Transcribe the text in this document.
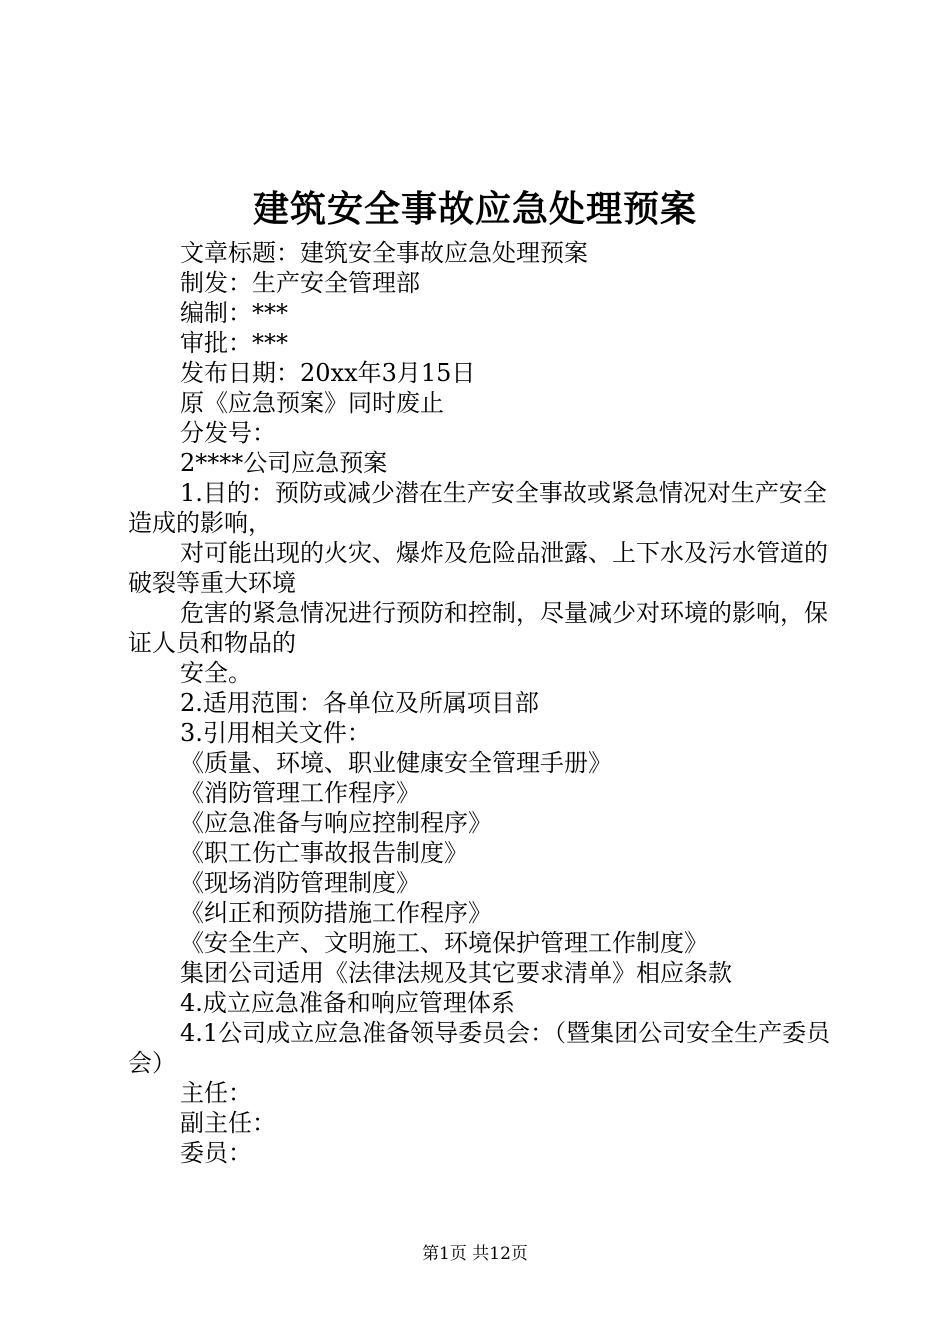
建筑安全事故应急处理预案

文章标题：建筑安全事故应急处理预案

制发：生产安全管理部

编制：***

审批：***

发布日期：20xx年3月15日

原《应急预案》同时废止

分发号：

2****公司应急预案

1.目的：预防或减少潜在生产安全事故或紧急情况对生产安全造成的影响，

对可能出现的火灾、爆炸及危险品泄露、上下水及污水管道的破裂等重大环境

危害的紧急情况进行预防和控制，尽量减少对环境的影响，保证人员和物品的

安全。

2.适用范围：各单位及所属项目部

3.引用相关文件：

《质量、环境、职业健康安全管理手册》

《消防管理工作程序》

《应急准备与响应控制程序》

《职工伤亡事故报告制度》

《现场消防管理制度》

《纠正和预防措施工作程序》

《安全生产、文明施工、环境保护管理工作制度》

集团公司适用《法律法规及其它要求清单》相应条款

4.成立应急准备和响应管理体系

4.1公司成立应急准备领导委员会：（暨集团公司安全生产委员会）

主任：

副主任：

委员：

第1页 共12页
